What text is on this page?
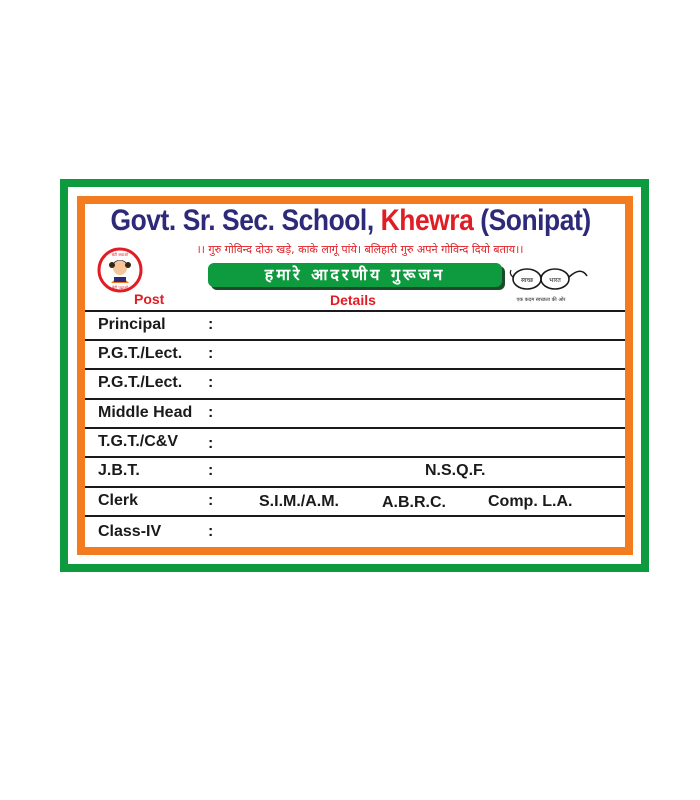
Govt. Sr. Sec. School, Khewra (Sonipat)
।। गुरु गोविन्द दोऊ खड़े, काके लागूं पांये। बलिहारी गुरु अपने गोविन्द दियो बताय।।
हमारे आदरणीय गुरूजन
बेटी बचाओ
बेटी पढ़ाओ
स्वच्छ	भारत
एक कदम स्वच्छता की ओर
Post	Details
Principal	:
P.G.T./Lect. :
P.G.T./Lect. :
Middle Head :
T.G.T./C&V :
J.B.T.	:	N.S.Q.F.
Clerk	:	S.I.M./A.M.	A.B.R.C.	Comp. L.A.
Class-IV	:
